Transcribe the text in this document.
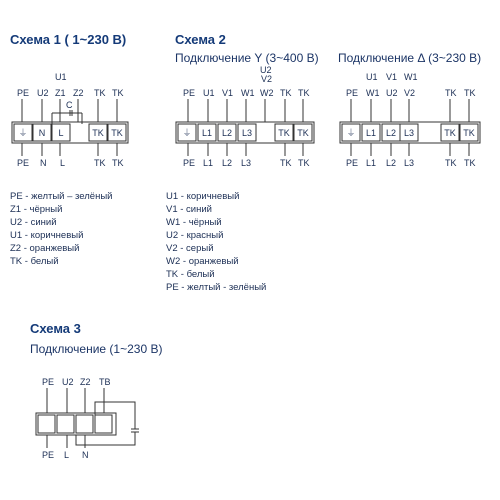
Схема 1 ( 1~230 В)
U1
C
PE U2 Z1 Z2 TK TK
PE N L	TK TK
PE - желтый – зелёный
Z1 - чёрный
U2 - синий
U1 - коричневый
Z2 - оранжевый
TK - белый
Схема 2
Подключение Y (3~400 В) Подключение Δ (3~230 В)
U2
V2
PE U1 V1 W1 W2 TK TK
PE L1 L2 L3	TK TK
U1 V1 W1
PE W1 U2 V2	TK TK
PE L1 L2 L3	TK TK
U1 - коричневый
V1 - синий
W1 - чёрный
U2 - красный
V2 - серый
W2 - оранжевый
TK - белый
PE - желтый - зелёный
Схема 3
Подключение (1~230 В)
PE U2 Z2 TB
PE L N
⏚ N L	TK TK	⏚ L1 L2 L3	TK TK	⏚ L1 L2 L3	TK TK
